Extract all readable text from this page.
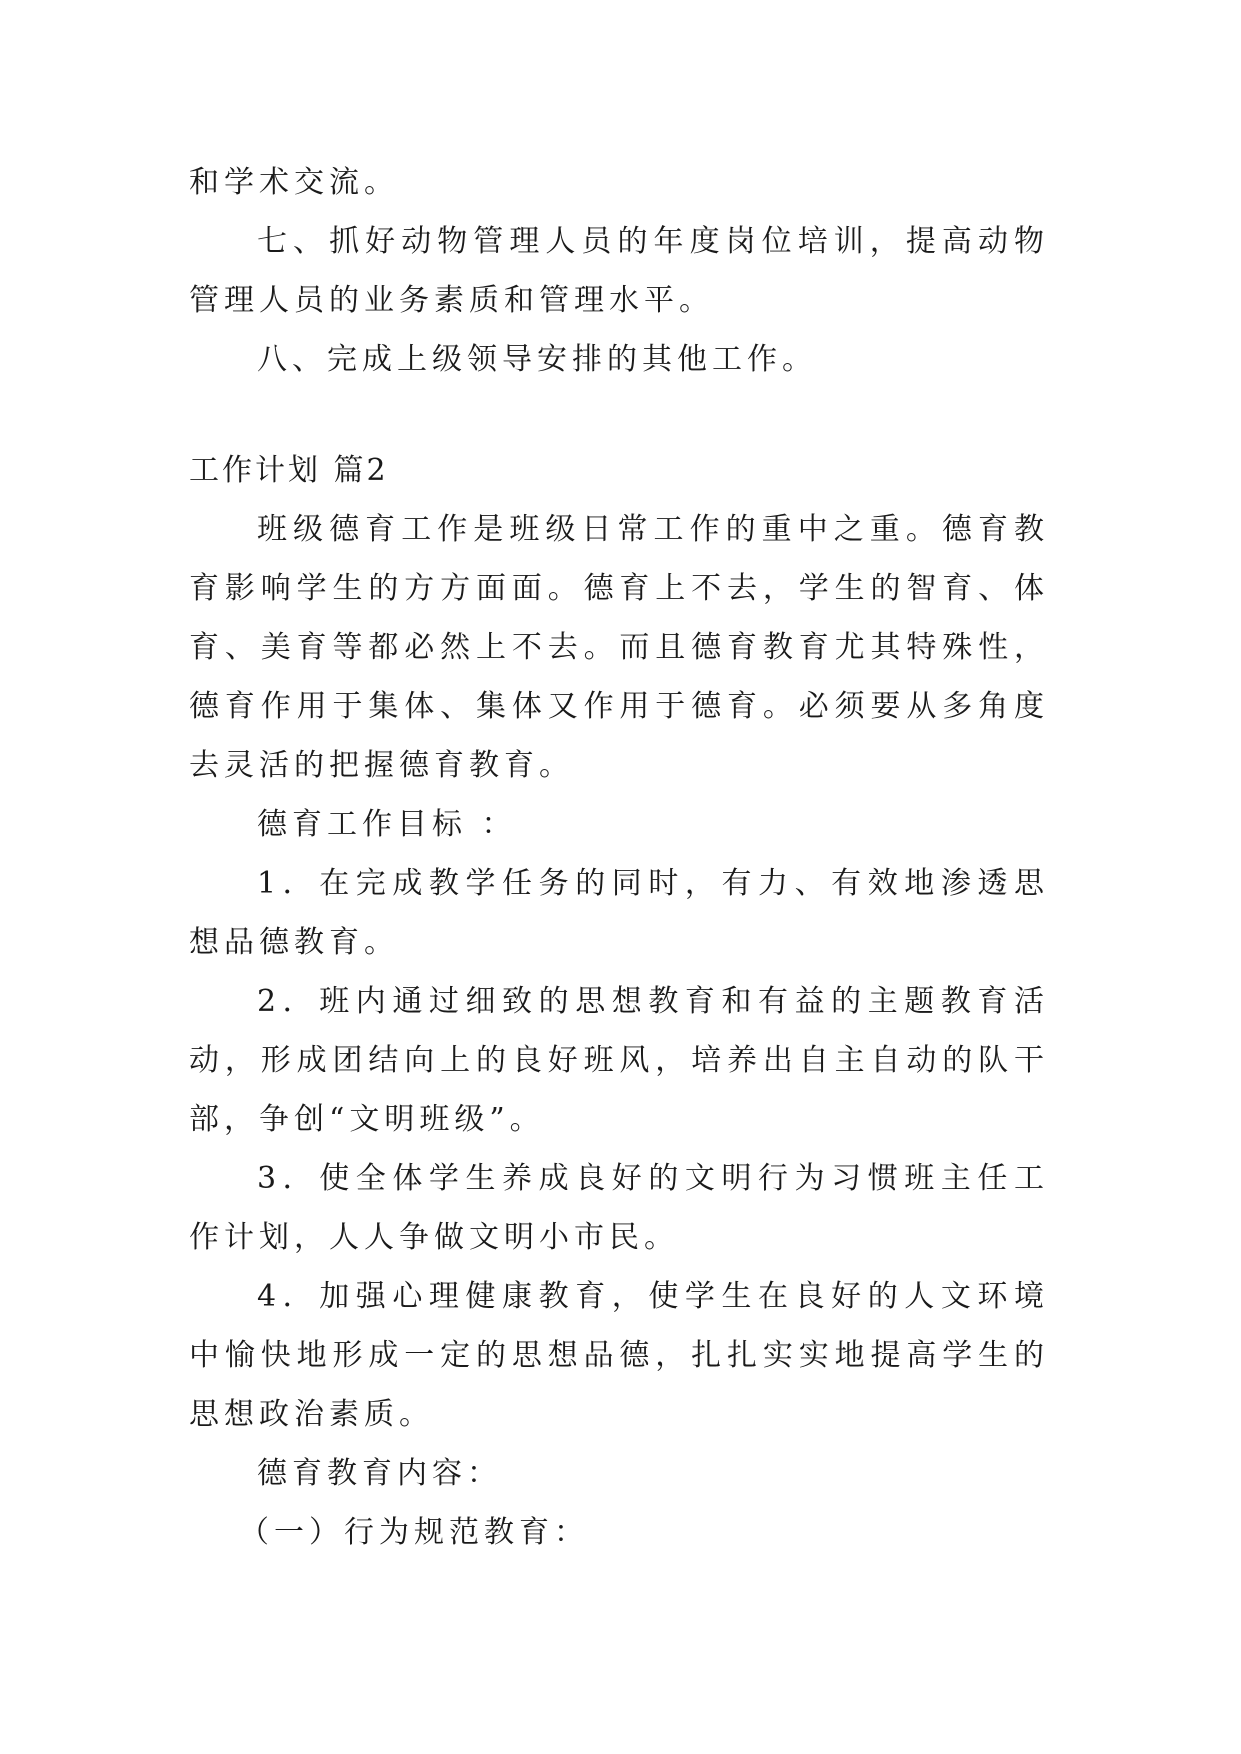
和学术交流。

七、抓好动物管理人员的年度岗位培训，提高动物管理人员的业务素质和管理水平。

八、完成上级领导安排的其他工作。

工作计划 篇2

班级德育工作是班级日常工作的重中之重。德育教育影响学生的方方面面。德育上不去，学生的智育、体育、美育等都必然上不去。而且德育教育尤其特殊性，德育作用于集体、集体又作用于德育。必须要从多角度去灵活的把握德育教育。

德育工作目标 ：

1．在完成教学任务的同时，有力、有效地渗透思想品德教育。

2．班内通过细致的思想教育和有益的主题教育活动，形成团结向上的良好班风，培养出自主自动的队干部，争创“文明班级”。

3．使全体学生养成良好的文明行为习惯班主任工作计划，人人争做文明小市民。

4．加强心理健康教育，使学生在良好的人文环境中愉快地形成一定的思想品德，扎扎实实地提高学生的思想政治素质。

德育教育内容：

（一）行为规范教育：
